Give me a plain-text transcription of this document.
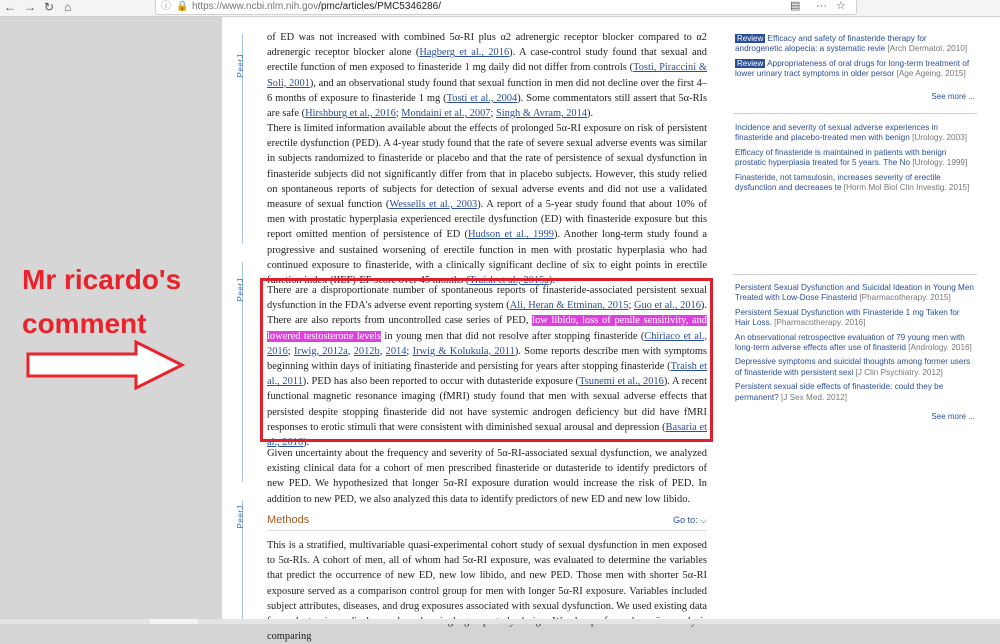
← → ↻ ⌂	ⓘ 🔒 https://www.ncbi.nlm.nih.gov/pmc/articles/PMC5346286/	▤ ··· ☆
Mr ricardo's
comment
PeerJ
PeerJ
PeerJ
of ED was not increased with combined 5α-RI plus α2 adrenergic receptor blocker compared to α2 adrenergic receptor blocker alone (Hagberg et al., 2016). A case-control study found that sexual and erectile function of men exposed to finasteride 1 mg daily did not differ from controls (Tosti, Piraccini & Soli, 2001), and an observational study found that sexual function in men did not decline over the first 4–6 months of exposure to finasteride 1 mg (Tosti et al., 2004). Some commentators still assert that 5α-RIs are safe (Hirshburg et al., 2016; Mondaini et al., 2007; Singh & Avram, 2014).
There is limited information available about the effects of prolonged 5α-RI exposure on risk of persistent erectile dysfunction (PED). A 4-year study found that the rate of severe sexual adverse events was similar in subjects randomized to finasteride or placebo and that the rate of persistence of sexual dysfunction in finasteride subjects did not significantly differ from that in placebo subjects. However, this study relied on spontaneous reports of subjects for detection of sexual adverse events and did not use a validated measure of sexual function (Wessells et al., 2003). A report of a 5-year study found that about 10% of men with prostatic hyperplasia experienced erectile dysfunction (ED) with finasteride exposure but this report omitted mention of persistence of ED (Hudson et al., 1999). Another long-term study found a progressive and sustained worsening of erectile function in men with prostatic hyperplasia who had continued exposure to finasteride, with a clinically significant decline of six to eight points in erectile function index (IIEF)-EF score over 45 months (Traish et al., 2015a).
There are a disproportionate number of spontaneous reports of finasteride-associated persistent sexual dysfunction in the FDA's adverse event reporting system (Ali, Heran & Etminan, 2015; Guo et al., 2016). There are also reports from uncontrolled case series of PED, low libido, loss of penile sensitivity, and lowered testosterone levels in young men that did not resolve after stopping finasteride (Chiriaco et al., 2016; Irwig, 2012a, 2012b, 2014; Irwig & Kolukula, 2011). Some reports describe men with symptoms beginning within days of initiating finasteride and persisting for years after stopping finasteride (Traish et al., 2011). PED has also been reported to occur with dutasteride exposure (Tsunemi et al., 2016). A recent functional magnetic resonance imaging (fMRI) study found that men with sexual adverse effects that persisted despite stopping finasteride did not have systemic androgen deficiency but did have fMRI responses to erotic stimuli that were consistent with diminished sexual arousal and depression (Basaria et al., 2016).
Given uncertainty about the frequency and severity of 5α-RI-associated sexual dysfunction, we analyzed existing clinical data for a cohort of men prescribed finasteride or dutasteride to identify predictors of new PED. We hypothesized that longer 5α-RI exposure duration would increase the risk of PED. In addition to new PED, we also analyzed this data to identify predictors of new ED and new low libido.
Methods	Go to: ⌵
This is a stratified, multivariable quasi-experimental cohort study of sexual dysfunction in men exposed to 5α-RIs. A cohort of men, all of whom had 5α-RI exposure, was evaluated to determine the variables that predict the occurrence of new ED, new low libido, and new PED. Those men with shorter 5α-RI exposure served as a comparison control group for men with longer 5α-RI exposure. Variables included subject attributes, diseases, and drug exposures associated with sexual dysfunction. We used existing data comparing
Review Efficacy and safety of finasteride therapy for androgenetic alopecia: a systematic revie [Arch Dermatol. 2010]
Review Appropriateness of oral drugs for long-term treatment of lower urinary tract symptoms in older persor [Age Ageing. 2015]
See more ...
Incidence and severity of sexual adverse experiences in finasteride and placebo-treated men with benign [Urology. 2003]
Efficacy of finasteride is maintained in patients with benign prostatic hyperplasia treated for 5 years. The No [Urology. 1999]
Finasteride, not tamsulosin, increases severity of erectile dysfunction and decreases te [Horm Mol Biol Clin Investig. 2015]
Persistent Sexual Dysfunction and Suicidal Ideation in Young Men Treated with Low-Dose Finasterid [Pharmacotherapy. 2015]
Persistent Sexual Dysfunction with Finasteride 1 mg Taken for Hair Loss. [Pharmacotherapy. 2016]
An observational retrospective evaluation of 79 young men with long-term adverse effects after use of finasterid [Andrology. 2016]
Depressive symptoms and suicidal thoughts among former users of finasteride with persistent sexi [J Clin Psychiatry. 2012]
Persistent sexual side effects of finasteride: could they be permanent? [J Sex Med. 2012]
See more ...
